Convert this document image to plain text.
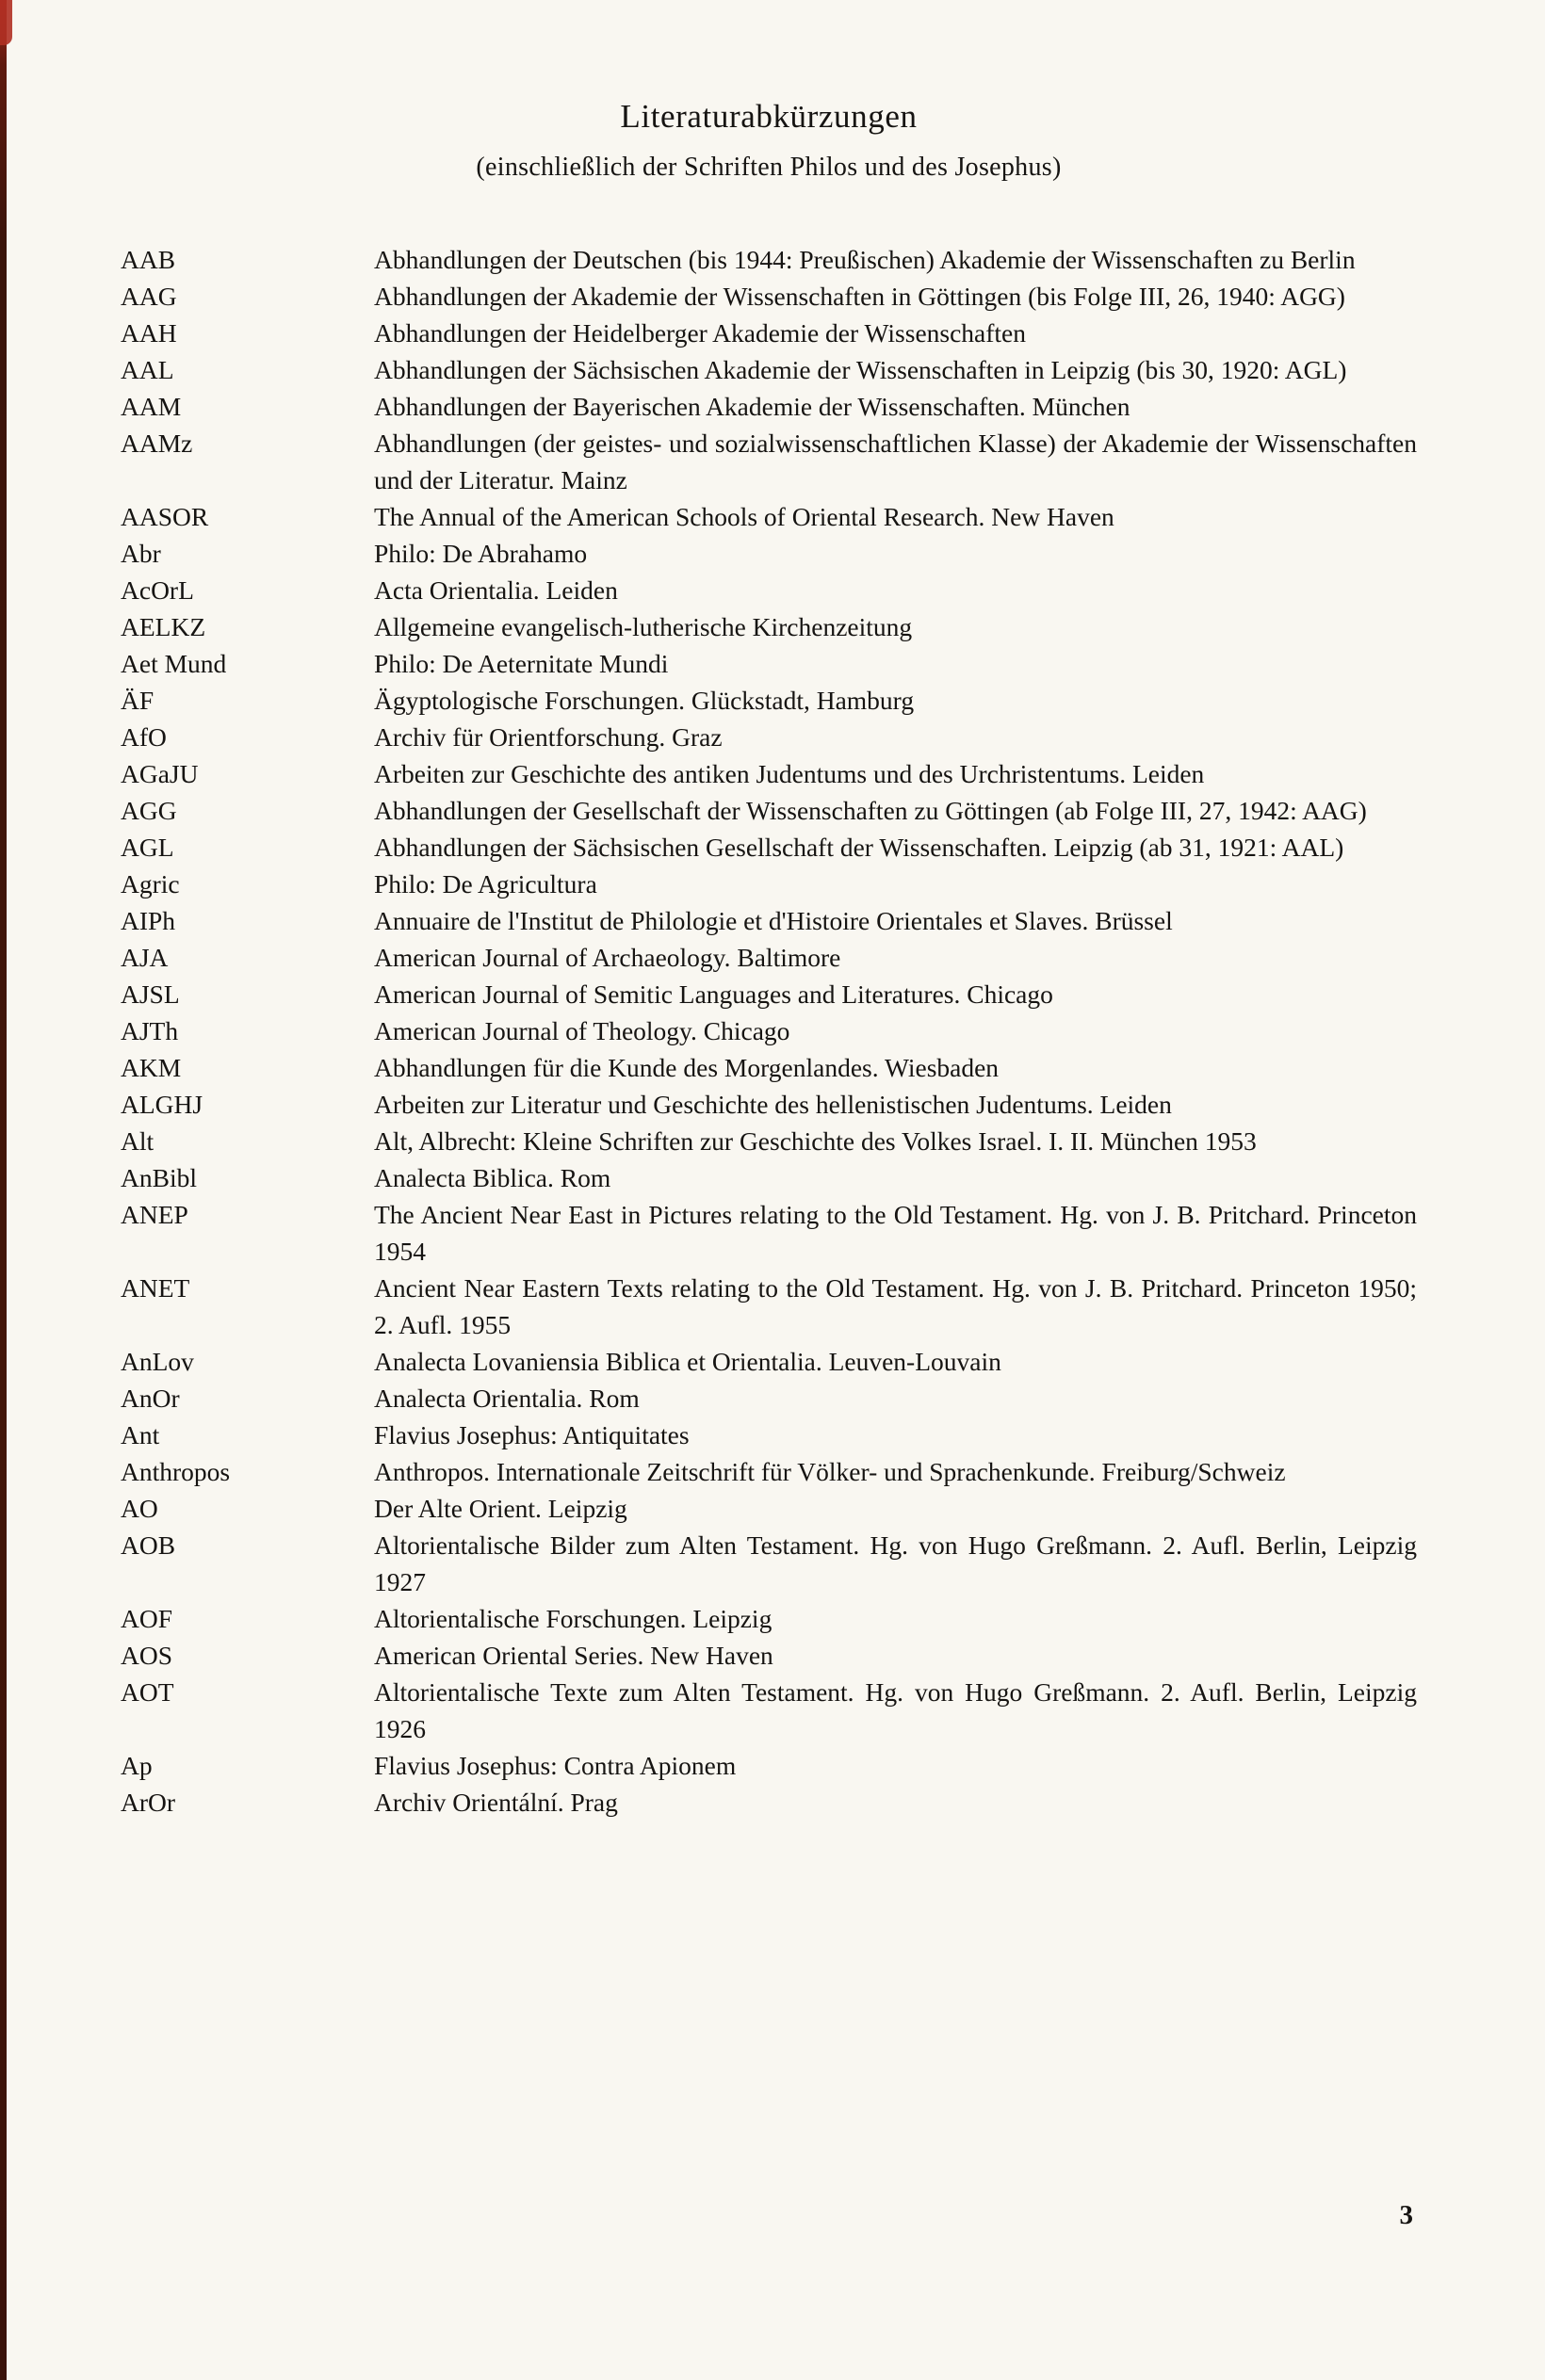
Literaturabkürzungen
(einschließlich der Schriften Philos und des Josephus)
AAB	Abhandlungen der Deutschen (bis 1944: Preußischen) Akademie der Wissenschaften zu Berlin
AAG	Abhandlungen der Akademie der Wissenschaften in Göttingen (bis Folge III, 26, 1940: AGG)
AAH	Abhandlungen der Heidelberger Akademie der Wissenschaften
AAL	Abhandlungen der Sächsischen Akademie der Wissenschaften in Leipzig (bis 30, 1920: AGL)
AAM	Abhandlungen der Bayerischen Akademie der Wissenschaften. München
AAMz	Abhandlungen (der geistes- und sozialwissenschaftlichen Klasse) der Akademie der Wissenschaften und der Literatur. Mainz
AASOR	The Annual of the American Schools of Oriental Research. New Haven
Abr	Philo: De Abrahamo
AcOrL	Acta Orientalia. Leiden
AELKZ	Allgemeine evangelisch-lutherische Kirchenzeitung
Aet Mund	Philo: De Aeternitate Mundi
ÄF	Ägyptologische Forschungen. Glückstadt, Hamburg
AfO	Archiv für Orientforschung. Graz
AGaJU	Arbeiten zur Geschichte des antiken Judentums und des Urchristentums. Leiden
AGG	Abhandlungen der Gesellschaft der Wissenschaften zu Göttingen (ab Folge III, 27, 1942: AAG)
AGL	Abhandlungen der Sächsischen Gesellschaft der Wissenschaften. Leipzig (ab 31, 1921: AAL)
Agric	Philo: De Agricultura
AIPh	Annuaire de l'Institut de Philologie et d'Histoire Orientales et Slaves. Brüssel
AJA	American Journal of Archaeology. Baltimore
AJSL	American Journal of Semitic Languages and Literatures. Chicago
AJTh	American Journal of Theology. Chicago
AKM	Abhandlungen für die Kunde des Morgenlandes. Wiesbaden
ALGHJ	Arbeiten zur Literatur und Geschichte des hellenistischen Judentums. Leiden
Alt	Alt, Albrecht: Kleine Schriften zur Geschichte des Volkes Israel. I. II. München 1953
AnBibl	Analecta Biblica. Rom
ANEP	The Ancient Near East in Pictures relating to the Old Testament. Hg. von J. B. Pritchard. Princeton 1954
ANET	Ancient Near Eastern Texts relating to the Old Testament. Hg. von J. B. Pritchard. Princeton 1950; 2. Aufl. 1955
AnLov	Analecta Lovaniensia Biblica et Orientalia. Leuven-Louvain
AnOr	Analecta Orientalia. Rom
Ant	Flavius Josephus: Antiquitates
Anthropos	Anthropos. Internationale Zeitschrift für Völker- und Sprachenkunde. Freiburg/Schweiz
AO	Der Alte Orient. Leipzig
AOB	Altorientalische Bilder zum Alten Testament. Hg. von Hugo Greßmann. 2. Aufl. Berlin, Leipzig 1927
AOF	Altorientalische Forschungen. Leipzig
AOS	American Oriental Series. New Haven
AOT	Altorientalische Texte zum Alten Testament. Hg. von Hugo Greßmann. 2. Aufl. Berlin, Leipzig 1926
Ap	Flavius Josephus: Contra Apionem
ArOr	Archiv Orientální. Prag
3
